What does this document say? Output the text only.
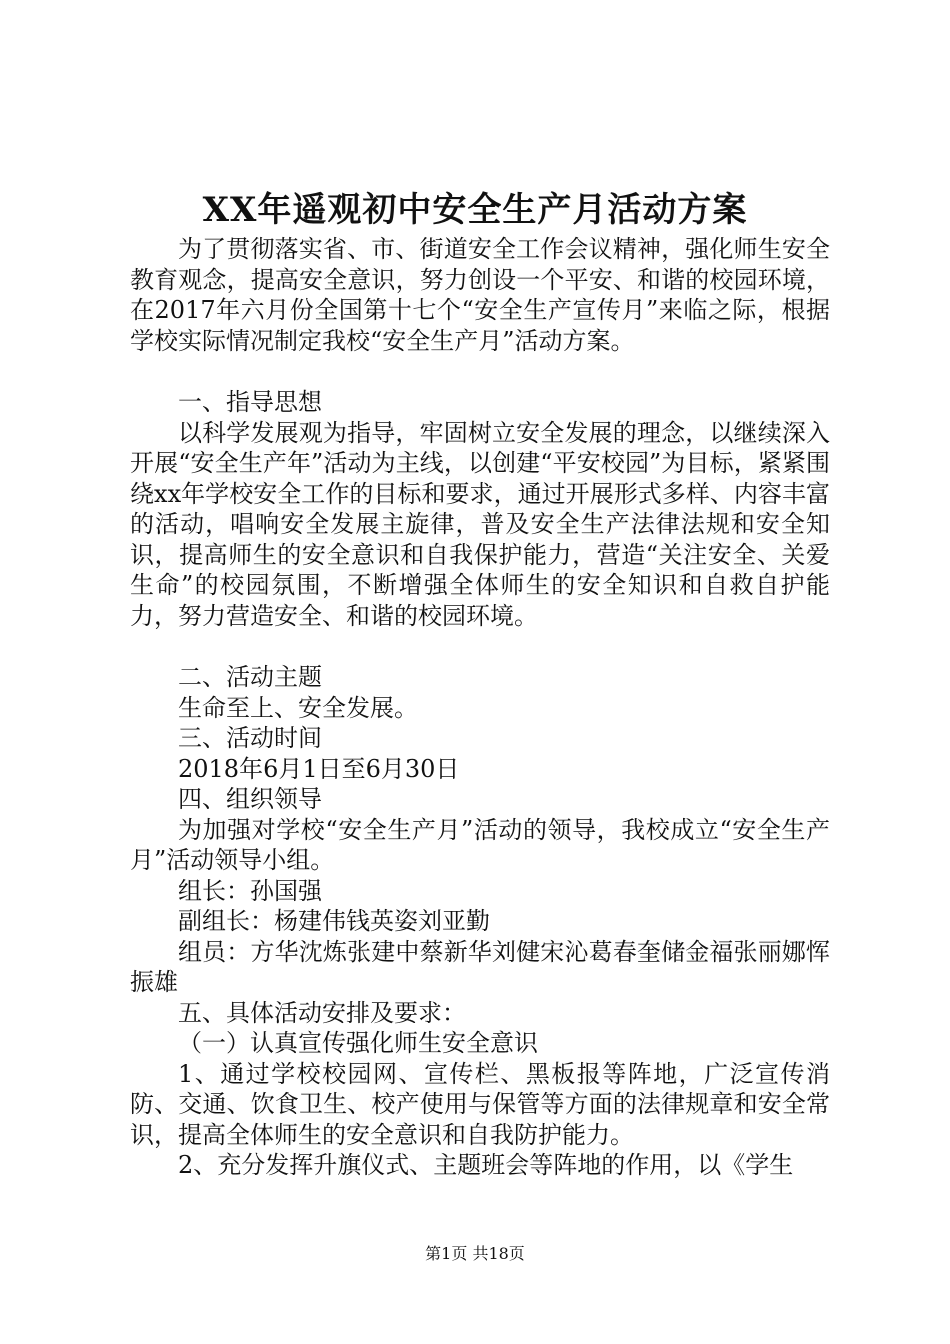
XX年遥观初中安全生产月活动方案

为了贯彻落实省、市、街道安全工作会议精神，强化师生安全教育观念，提高安全意识，努力创设一个平安、和谐的校园环境，在2017年六月份全国第十七个“安全生产宣传月”来临之际，根据学校实际情况制定我校“安全生产月”活动方案。

一、指导思想

以科学发展观为指导，牢固树立安全发展的理念，以继续深入开展“安全生产年”活动为主线，以创建“平安校园”为目标，紧紧围绕xx年学校安全工作的目标和要求，通过开展形式多样、内容丰富的活动，唱响安全发展主旋律，普及安全生产法律法规和安全知识，提高师生的安全意识和自我保护能力，营造“关注安全、关爱生命”的校园氛围，不断增强全体师生的安全知识和自救自护能力，努力营造安全、和谐的校园环境。

二、活动主题

生命至上、安全发展。

三、活动时间

2018年6月1日至6月30日

四、组织领导

为加强对学校“安全生产月”活动的领导，我校成立“安全生产月”活动领导小组。

组长：孙国强

副组长：杨建伟钱英姿刘亚勤

组员：方华沈炼张建中蔡新华刘健宋沁葛春奎储金福张丽娜恽振雄

五、具体活动安排及要求：

（一）认真宣传强化师生安全意识

1、通过学校校园网、宣传栏、黑板报等阵地，广泛宣传消防、交通、饮食卫生、校产使用与保管等方面的法律规章和安全常识，提高全体师生的安全意识和自我防护能力。

2、充分发挥升旗仪式、主题班会等阵地的作用，以《学生

第1页 共18页
